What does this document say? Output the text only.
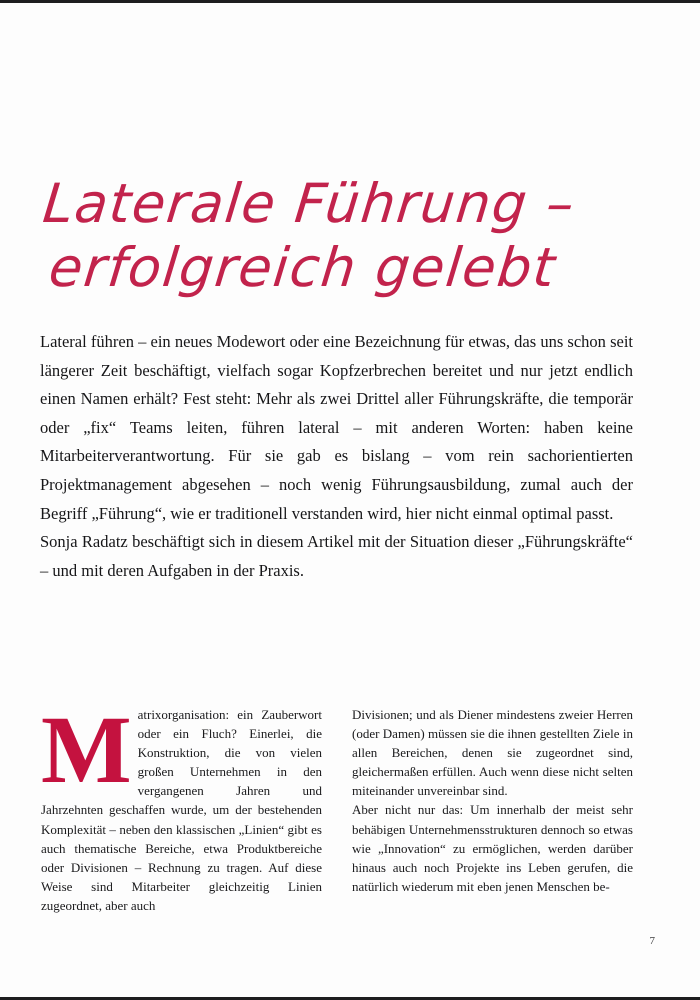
Laterale Führung –
erfolgreich gelebt

Lateral führen – ein neues Modewort oder eine Bezeichnung für etwas, das uns schon seit längerer Zeit beschäftigt, vielfach sogar Kopfzerbrechen bereitet und nur jetzt endlich einen Namen erhält? Fest steht: Mehr als zwei Drittel aller Führungskräfte, die temporär oder „fix“ Teams leiten, führen lateral – mit anderen Worten: haben keine Mitarbeiterverantwortung. Für sie gab es bislang – vom rein sachorientierten Projektmanagement abgesehen – noch wenig Führungsausbildung, zumal auch der Begriff „Führung“, wie er traditionell verstanden wird, hier nicht einmal optimal passt.

Sonja Radatz beschäftigt sich in diesem Artikel mit der Situation dieser „Führungskräfte“ – und mit deren Aufgaben in der Praxis.

Matrixorganisation: ein Zauberwort oder ein Fluch? Einerlei, die Konstruktion, die von vielen großen Unternehmen in den vergangenen Jahren und Jahrzehnten geschaffen wurde, um der bestehenden Komplexität – neben den klassischen „Linien“ gibt es auch thematische Bereiche, etwa Produktbereiche oder Divisionen – Rechnung zu tragen. Auf diese Weise sind Mitarbeiter gleichzeitig Linien zugeordnet, aber auch

Divisionen; und als Diener mindestens zweier Herren (oder Damen) müssen sie die ihnen gestellten Ziele in allen Bereichen, denen sie zugeordnet sind, gleichermaßen erfüllen. Auch wenn diese nicht selten miteinander unvereinbar sind.

Aber nicht nur das: Um innerhalb der meist sehr behäbigen Unternehmensstrukturen dennoch so etwas wie „Innovation“ zu ermöglichen, werden darüber hinaus auch noch Projekte ins Leben gerufen, die natürlich wiederum mit eben jenen Menschen be-

7
